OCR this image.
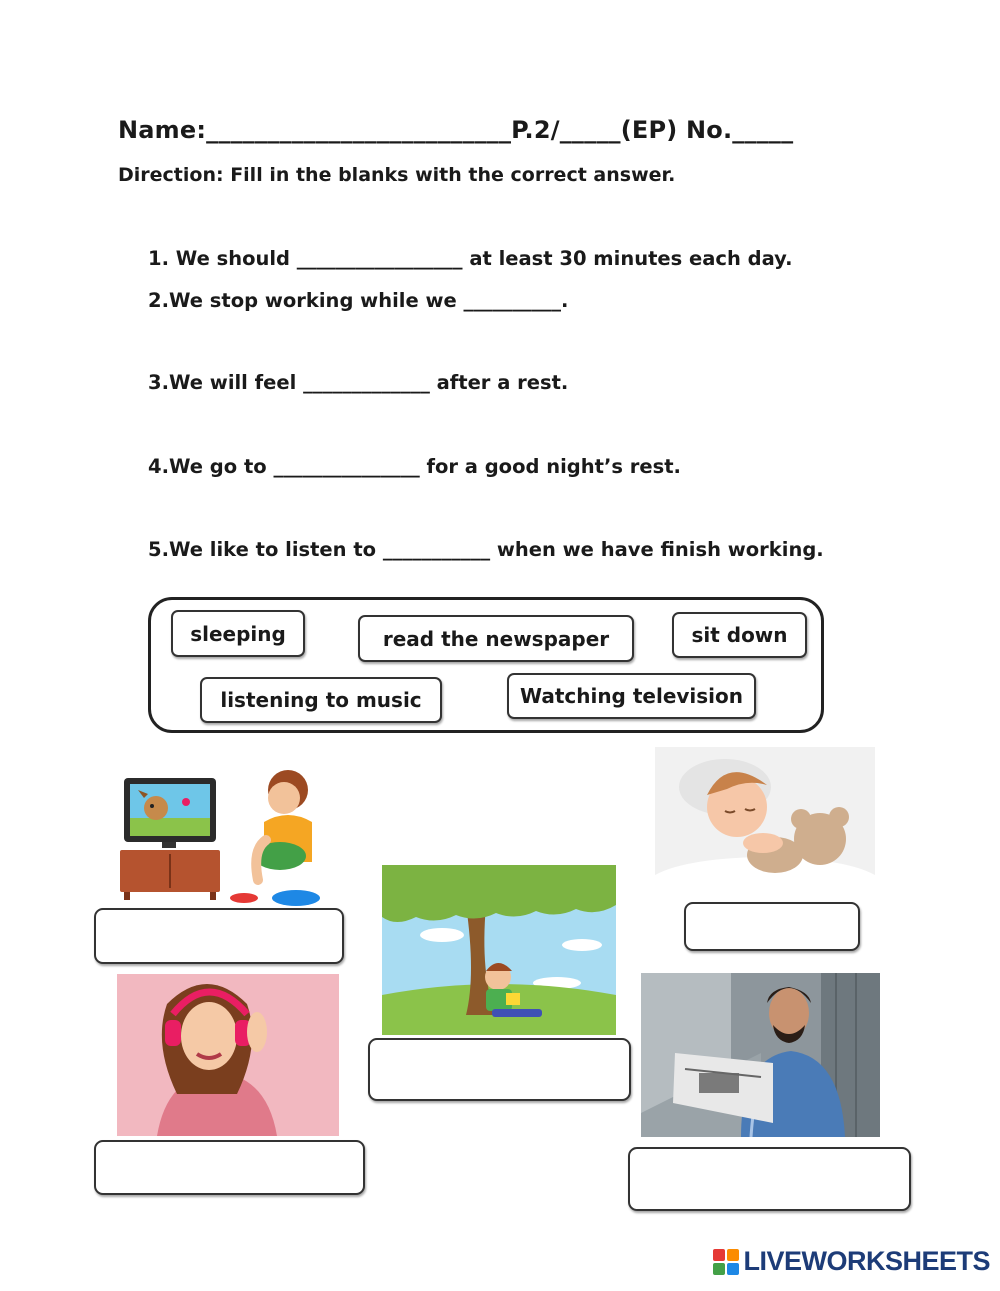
Name:_________________________P.2/_____(EP) No._____
Direction: Fill in the blanks with the correct answer.
1. We should _________________ at least 30 minutes each day.
2.We stop working while we __________.
3.We will feel _____________ after a rest.
4.We go to _______________ for a good night’s rest.
5.We like to listen to ___________ when we have finish working.
sleeping	read the newspaper	sit down
listening to music	Watching television
LIVEWORKSHEETS
